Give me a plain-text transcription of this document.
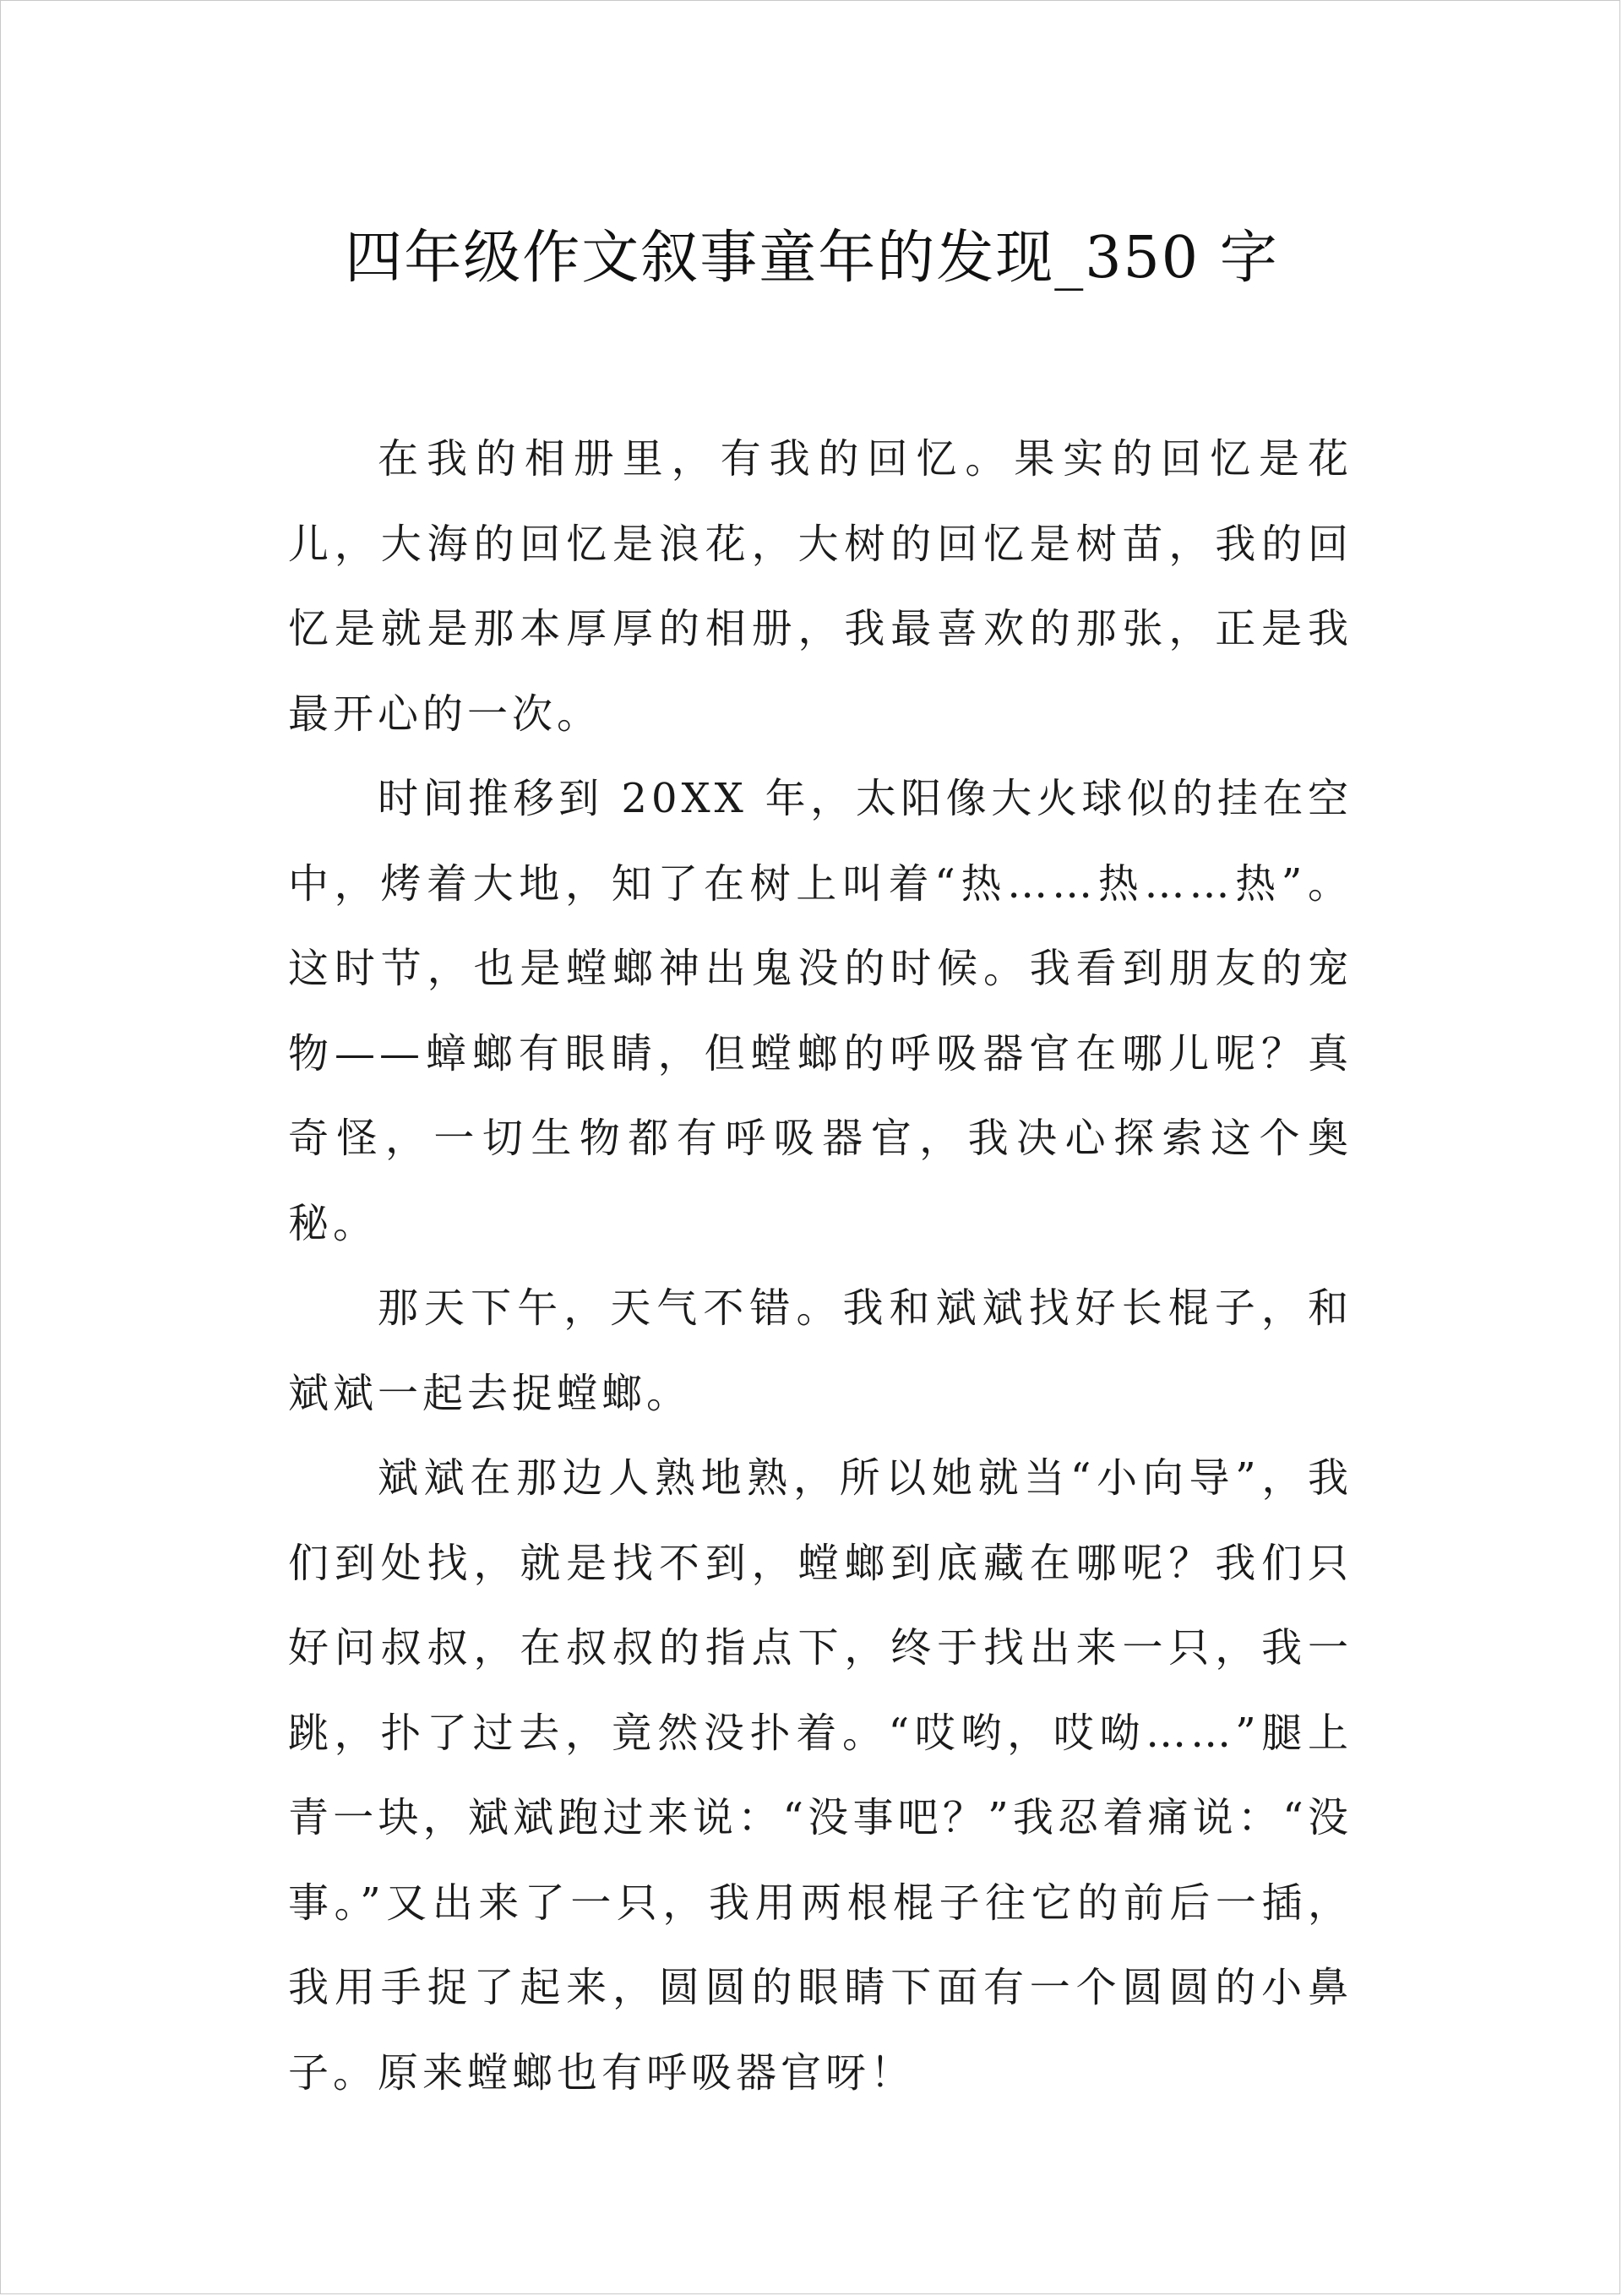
四年级作文叙事童年的发现_350 字

在我的相册里，有我的回忆。果实的回忆是花儿，大海的回忆是浪花，大树的回忆是树苗，我的回忆是就是那本厚厚的相册，我最喜欢的那张，正是我最开心的一次。

时间推移到 20XX 年，太阳像大火球似的挂在空中，烤着大地，知了在树上叫着“热……热……热”。这时节，也是螳螂神出鬼没的时候。我看到朋友的宠物——蟑螂有眼睛，但螳螂的呼吸器官在哪儿呢？真奇怪，一切生物都有呼吸器官，我决心探索这个奥秘。

那天下午，天气不错。我和斌斌找好长棍子，和斌斌一起去捉螳螂。

斌斌在那边人熟地熟，所以她就当“小向导”，我们到处找，就是找不到，螳螂到底藏在哪呢？我们只好问叔叔，在叔叔的指点下，终于找出来一只，我一跳，扑了过去，竟然没扑着。“哎哟，哎呦……”腿上青一块，斌斌跑过来说：“没事吧？”我忍着痛说：“没事。”又出来了一只，我用两根棍子往它的前后一插，我用手捉了起来，圆圆的眼睛下面有一个圆圆的小鼻子。原来螳螂也有呼吸器官呀！
